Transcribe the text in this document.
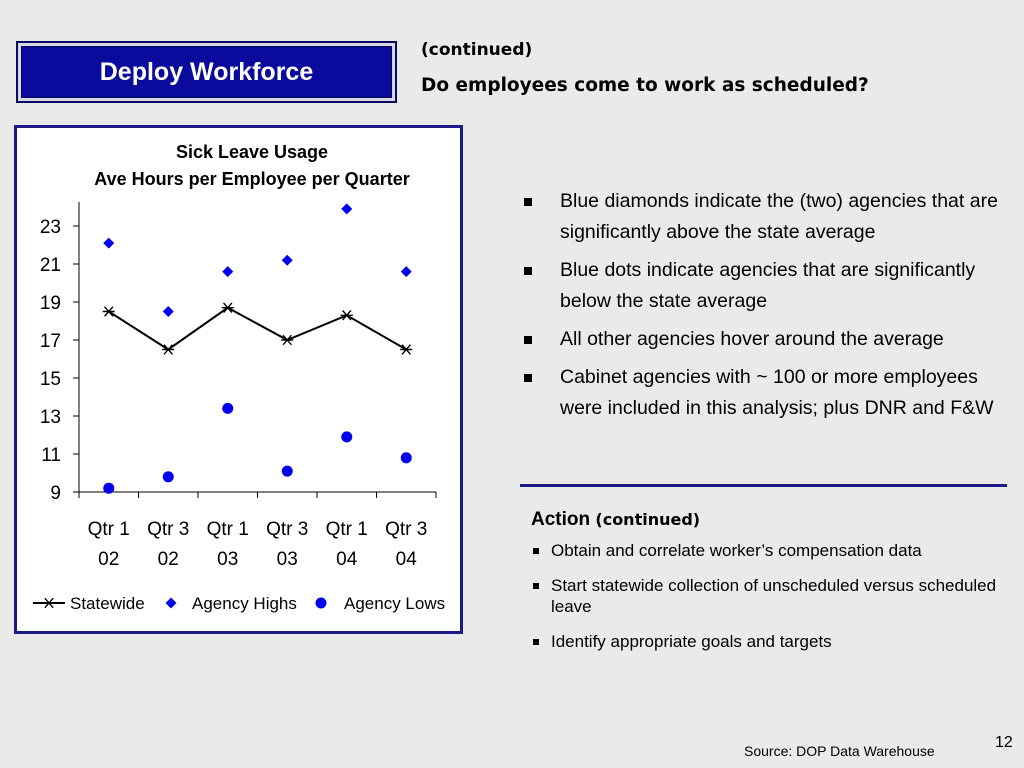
Deploy Workforce
(continued)
Do employees come to work as scheduled?
Sick Leave Usage
Ave Hours per Employee per Quarter
9
11
13
15
17
19
21
23
Qtr 1
02
Qtr 3
02
Qtr 1
03
Qtr 3
03
Qtr 1
04
Qtr 3
04
Statewide	Agency Highs	Agency Lows
Blue diamonds indicate the (two) agencies that are significantly above the state average
Blue dots indicate agencies that are significantly below the state average
All other agencies hover around the average
Cabinet agencies with ~ 100 or more employees were included in this analysis; plus DNR and F&W
Action (continued)
Obtain and correlate worker’s compensation data
Start statewide collection of unscheduled versus scheduled leave
Identify appropriate goals and targets
Source: DOP Data Warehouse	12
